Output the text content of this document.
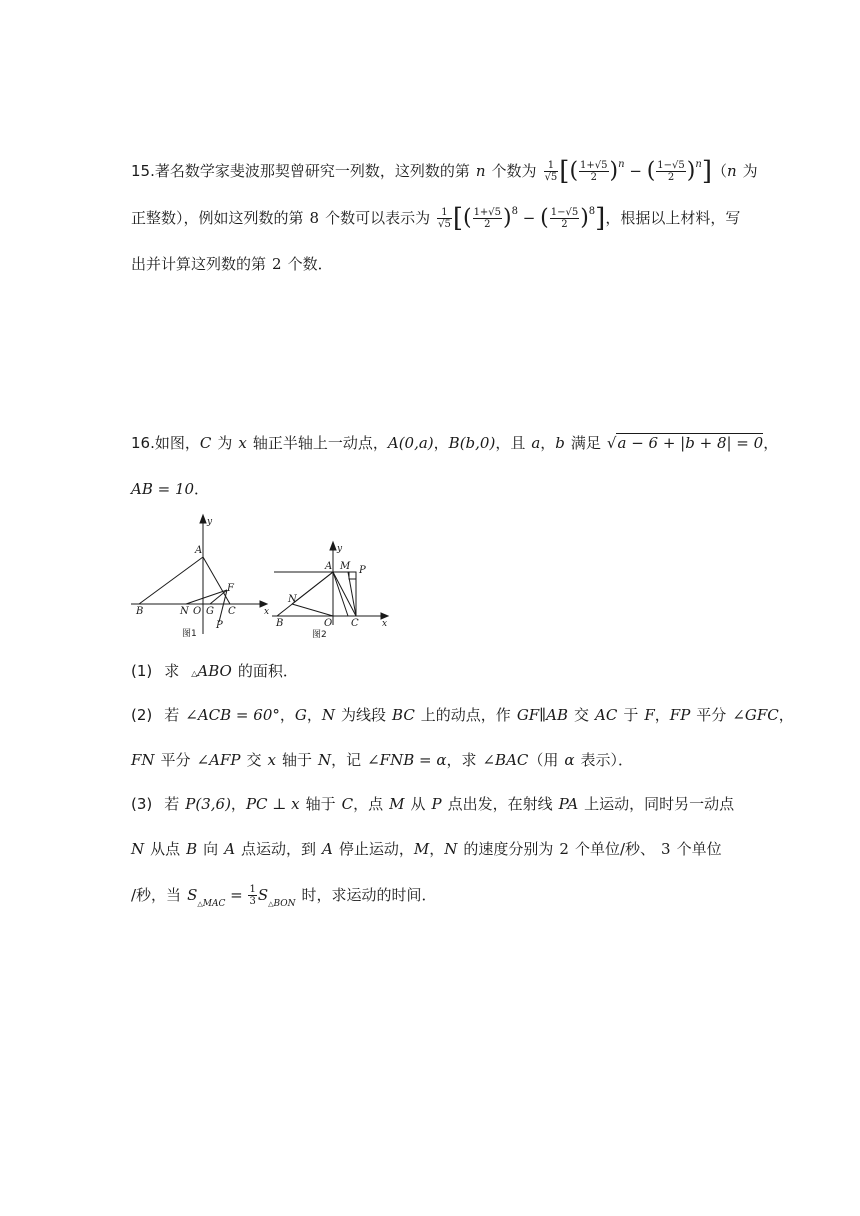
15.著名数学家斐波那契曾研究一列数，这列数的第 n 个数为 $\frac{1}{√5}$ [( $\frac{1+√5}{2} )^n$ − ( $\frac{1-√5}{2} )^n](n$ 为
正整数），例如这列数的第 8 个数可以表示为 $\frac{1}{√5}$ [( $\frac{1+√5}{2} )^8$ − ( $\frac{1-√5}{2} )^8$]，根据以上材料，写
出并计算这列数的第 2 个数．
16.如图，C 为 x 轴正半轴上一动点，A(0,a)，B(b,0)，且 a，b 满足 √a − 6 + |b + 8| = 0，
AB = 10．
y
A
F
B	N O G C	x
P
图1
y
A M P
N
B	O C	x
图2
(1) 求 △ABO 的面积．
(2) 若 ∠ACB = 60°，G，N 为线段 BC 上的动点，作 GF∥AB 交 AC 于 F，FP 平分 ∠GFC，
FN 平分 ∠AFP 交 x 轴于 N，记 ∠FNB = α，求 ∠BAC（用 α 表示）．
(3) 若 P(3,6)，PC ⊥ x 轴于 C，点 M 从 P 点出发，在射线 PA 上运动，同时另一动点
N 从点 B 向 A 点运动，到 A 停止运动，M，N 的速度分别为 2 个单位/秒、 3 个单位
/秒，当 $S_{\triangle MAC} = \frac{1}{3} S_{\triangle BON}$ 时，求运动的时间．
